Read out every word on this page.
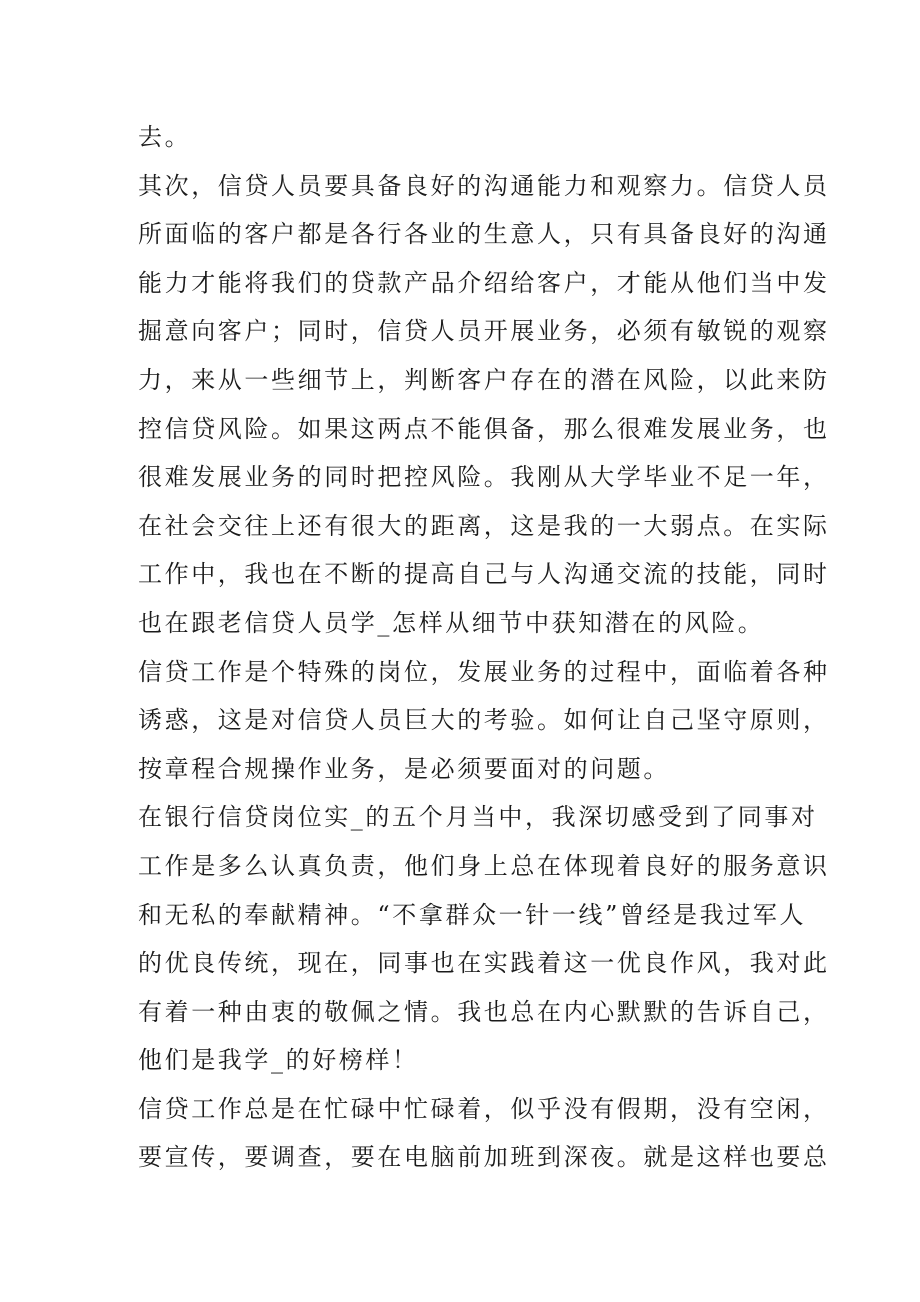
去。
其次，信贷人员要具备良好的沟通能力和观察力。信贷人员
所面临的客户都是各行各业的生意人，只有具备良好的沟通
能力才能将我们的贷款产品介绍给客户，才能从他们当中发
掘意向客户；同时，信贷人员开展业务，必须有敏锐的观察
力，来从一些细节上，判断客户存在的潜在风险，以此来防
控信贷风险。如果这两点不能俱备，那么很难发展业务，也
很难发展业务的同时把控风险。我刚从大学毕业不足一年，
在社会交往上还有很大的距离，这是我的一大弱点。在实际
工作中，我也在不断的提高自己与人沟通交流的技能，同时
也在跟老信贷人员学_怎样从细节中获知潜在的风险。
信贷工作是个特殊的岗位，发展业务的过程中，面临着各种
诱惑，这是对信贷人员巨大的考验。如何让自己坚守原则，
按章程合规操作业务，是必须要面对的问题。
在银行信贷岗位实_的五个月当中，我深切感受到了同事对
工作是多么认真负责，他们身上总在体现着良好的服务意识
和无私的奉献精神。“不拿群众一针一线”曾经是我过军人
的优良传统，现在，同事也在实践着这一优良作风，我对此
有着一种由衷的敬佩之情。我也总在内心默默的告诉自己，
他们是我学_的好榜样！
信贷工作总是在忙碌中忙碌着，似乎没有假期，没有空闲，
要宣传，要调查，要在电脑前加班到深夜。就是这样也要总
